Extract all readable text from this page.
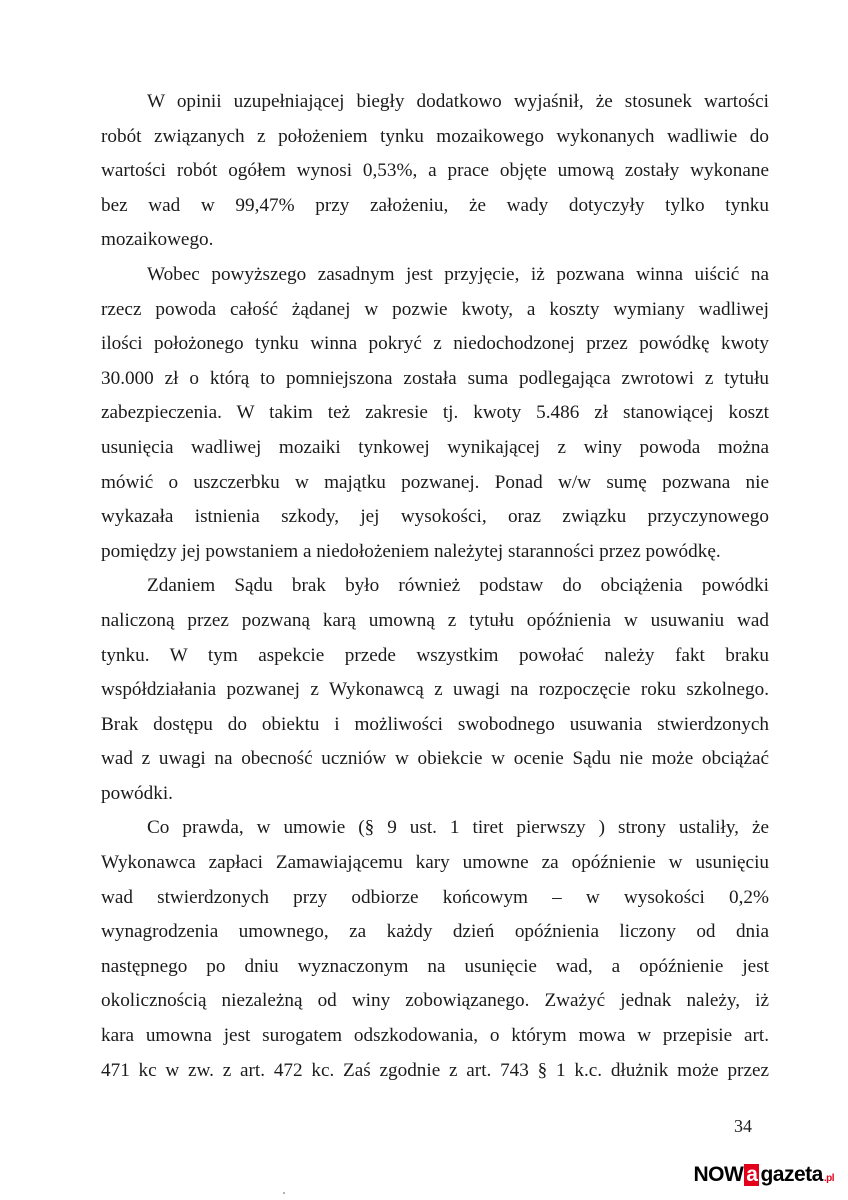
W opinii uzupełniającej biegły dodatkowo wyjaśnił, że stosunek wartości
robót związanych z położeniem tynku mozaikowego wykonanych wadliwie do
wartości robót ogółem wynosi 0,53%, a prace objęte umową zostały wykonane
bez wad w 99,47% przy założeniu, że wady dotyczyły tylko tynku
mozaikowego.

Wobec powyższego zasadnym jest przyjęcie, iż pozwana winna uiścić na
rzecz powoda całość żądanej w pozwie kwoty, a koszty wymiany wadliwej
ilości położonego tynku winna pokryć z niedochodzonej przez powódkę kwoty
30.000 zł o którą to pomniejszona została suma podlegająca zwrotowi z tytułu
zabezpieczenia. W takim też zakresie tj. kwoty 5.486 zł stanowiącej koszt
usunięcia wadliwej mozaiki tynkowej wynikającej z winy powoda można
mówić o uszczerbku w majątku pozwanej. Ponad w/w sumę pozwana nie
wykazała istnienia szkody, jej wysokości, oraz związku przyczynowego
pomiędzy jej powstaniem a niedołożeniem należytej staranności przez powódkę.

Zdaniem Sądu brak było również podstaw do obciążenia powódki
naliczoną przez pozwaną karą umowną z tytułu opóźnienia w usuwaniu wad
tynku. W tym aspekcie przede wszystkim powołać należy fakt braku
współdziałania pozwanej z Wykonawcą z uwagi na rozpoczęcie roku szkolnego.
Brak dostępu do obiektu i możliwości swobodnego usuwania stwierdzonych
wad z uwagi na obecność uczniów w obiekcie w ocenie Sądu nie może obciążać
powódki.

Co prawda, w umowie (§ 9 ust. 1 tiret pierwszy ) strony ustaliły, że
Wykonawca zapłaci Zamawiającemu kary umowne za opóźnienie w usunięciu
wad stwierdzonych przy odbiorze końcowym – w wysokości 0,2%
wynagrodzenia umownego, za każdy dzień opóźnienia liczony od dnia
następnego po dniu wyznaczonym na usunięcie wad, a opóźnienie jest
okolicznością niezależną od winy zobowiązanego. Zważyć jednak należy, iż
kara umowna jest surogatem odszkodowania, o którym mowa w przepisie art.
471 kc w zw. z art. 472 kc. Zaś zgodnie z art. 743 § 1 k.c. dłużnik może przez

34
NOW a gazeta .pl
